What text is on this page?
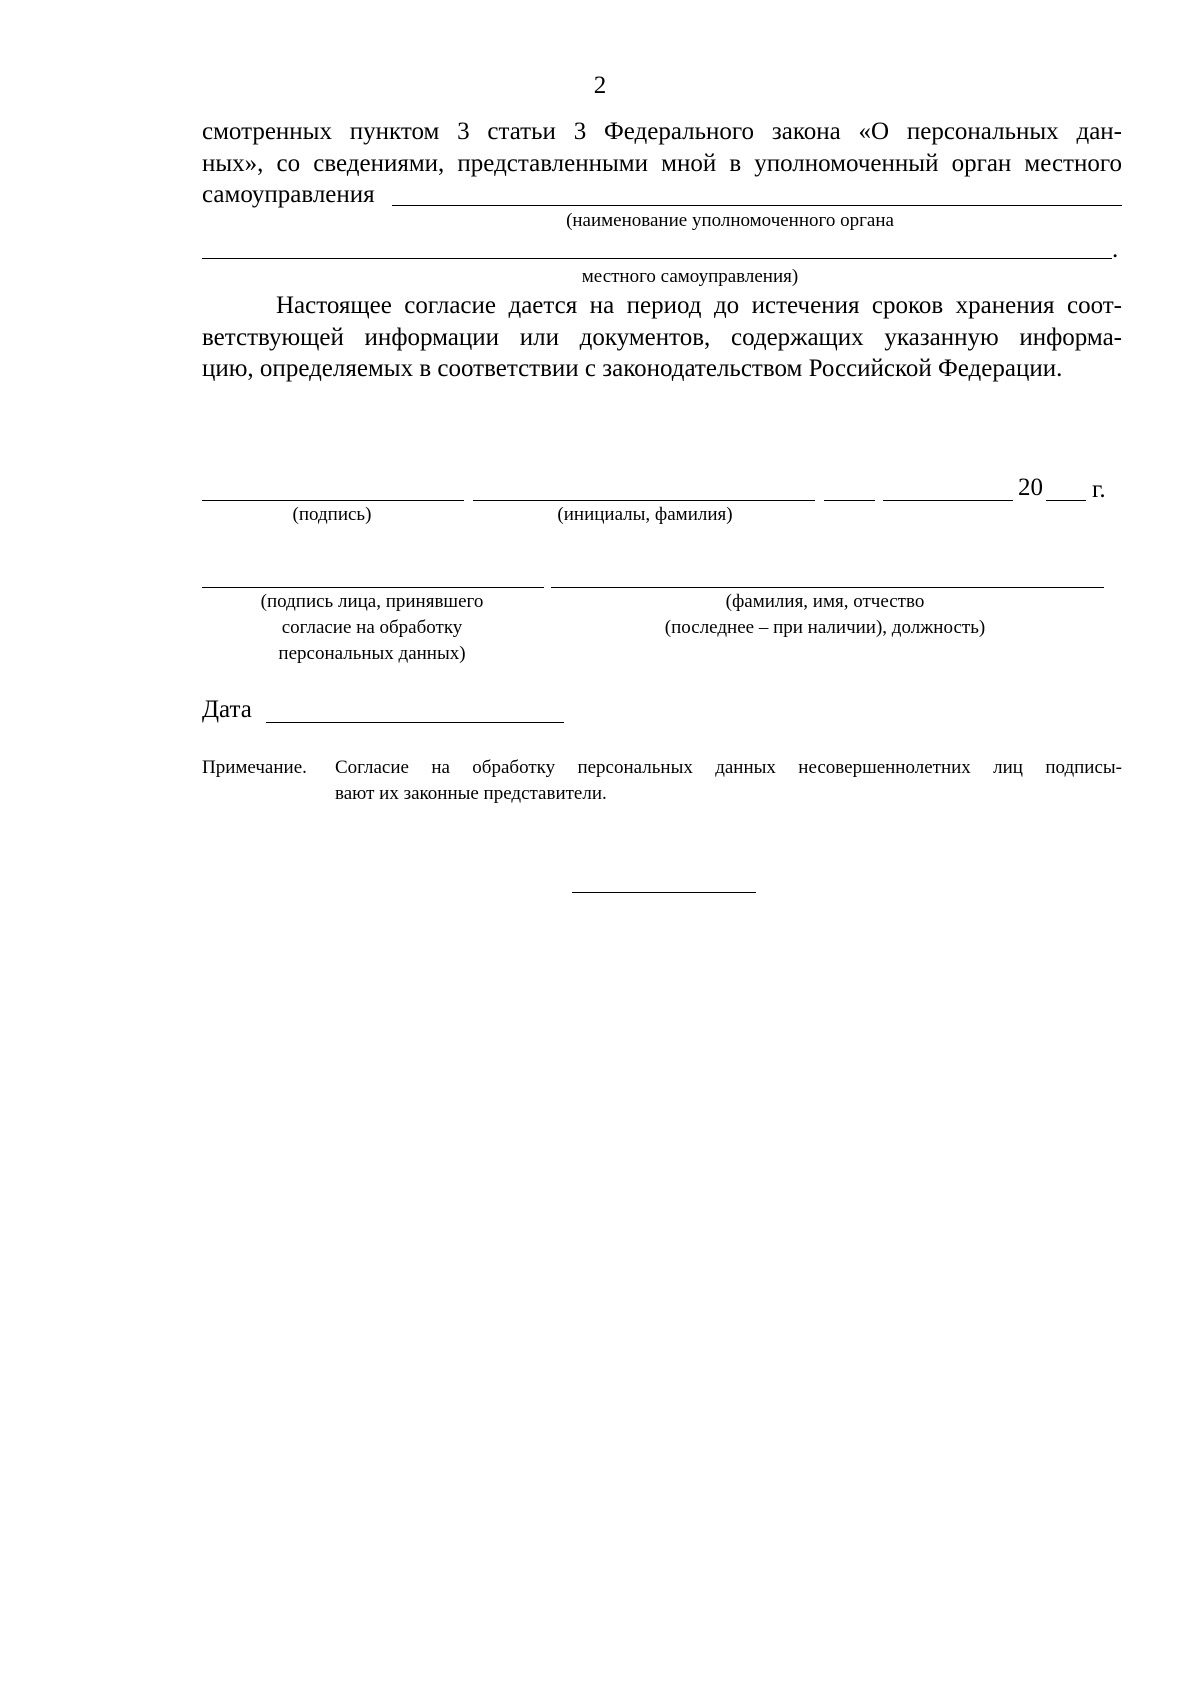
2
смотренных пунктом 3 статьи 3 Федерального закона «О персональных дан-
ных», со сведениями, представленными мной в уполномоченный орган местного
самоуправления
(наименование уполномоченного органа
.
местного самоуправления)
Настоящее согласие дается на период до истечения сроков хранения соот-
ветствующей информации или документов, содержащих указанную информа-
цию, определяемых в соответствии с законодательством Российской Федерации.
20 г.
(подпись)	(инициалы, фамилия)
(подпись лица, принявшего
согласие на обработку
персональных данных)
(фамилия, имя, отчество
(последнее – при наличии), должность)
Дата
Примечание. Согласие на обработку персональных данных несовершеннолетних лиц подписы-
вают их законные представители.
